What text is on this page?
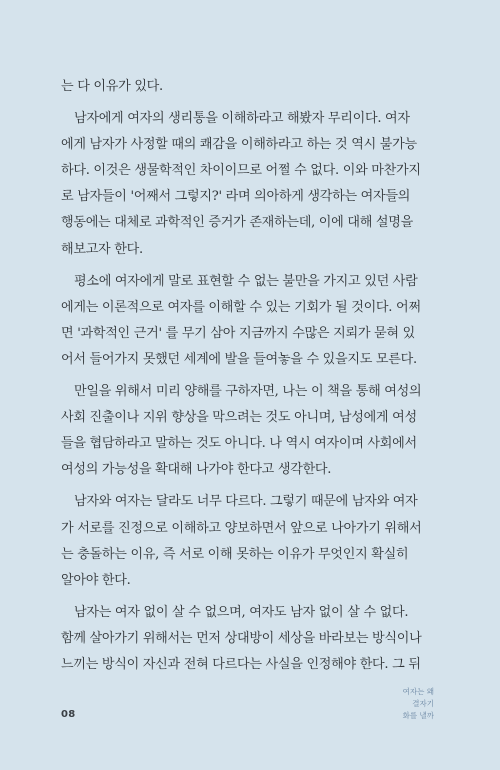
는 다 이유가 있다.
남자에게 여자의 생리통을 이해하라고 해봤자 무리이다. 여자
에게 남자가 사정할 때의 쾌감을 이해하라고 하는 것 역시 불가능
하다. 이것은 생물학적인 차이이므로 어쩔 수 없다. 이와 마찬가지
로 남자들이 '어째서 그렇지?' 라며 의아하게 생각하는 여자들의
행동에는 대체로 과학적인 증거가 존재하는데, 이에 대해 설명을
해보고자 한다.
평소에 여자에게 말로 표현할 수 없는 불만을 가지고 있던 사람
에게는 이론적으로 여자를 이해할 수 있는 기회가 될 것이다. 어쩌
면 '과학적인 근거' 를 무기 삼아 지금까지 수많은 지뢰가 묻혀 있
어서 들어가지 못했던 세계에 발을 들여놓을 수 있을지도 모른다.
만일을 위해서 미리 양해를 구하자면, 나는 이 책을 통해 여성의
사회 진출이나 지위 향상을 막으려는 것도 아니며, 남성에게 여성
들을 협담하라고 말하는 것도 아니다. 나 역시 여자이며 사회에서
여성의 가능성을 확대해 나가야 한다고 생각한다.
남자와 여자는 달라도 너무 다르다. 그렇기 때문에 남자와 여자
가 서로를 진정으로 이해하고 양보하면서 앞으로 나아가기 위해서
는 충돌하는 이유, 즉 서로 이해 못하는 이유가 무엇인지 확실히
알아야 한다.
남자는 여자 없이 살 수 없으며, 여자도 남자 없이 살 수 없다.
함께 살아가기 위해서는 먼저 상대방이 세상을 바라보는 방식이나
느끼는 방식이 자신과 전혀 다르다는 사실을 인정해야 한다. 그 뒤
08
여자는 왜
결자기
화를 낼까
